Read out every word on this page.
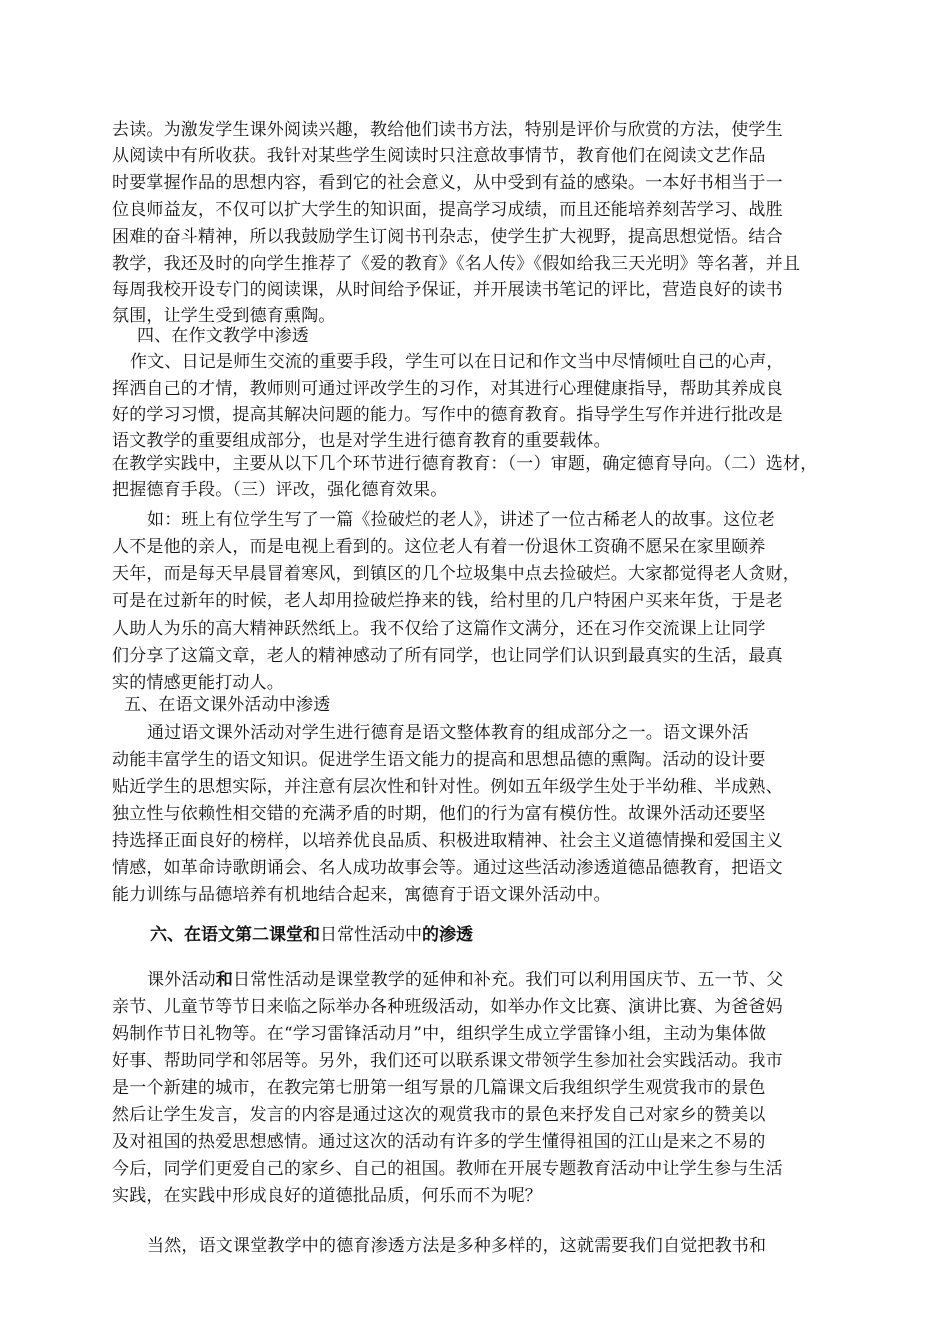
去读。为激发学生课外阅读兴趣，教给他们读书方法，特别是评价与欣赏的方法，使学生
从阅读中有所收获。我针对某些学生阅读时只注意故事情节，教育他们在阅读文艺作品
时要掌握作品的思想内容，看到它的社会意义，从中受到有益的感染。一本好书相当于一
位良师益友，不仅可以扩大学生的知识面，提高学习成绩，而且还能培养刻苦学习、战胜
困难的奋斗精神，所以我鼓励学生订阅书刊杂志，使学生扩大视野，提高思想觉悟。结合
教学，我还及时的向学生推荐了《爱的教育》《名人传》《假如给我三天光明》等名著，并且
每周我校开设专门的阅读课，从时间给予保证，并开展读书笔记的评比，营造良好的读书
氛围，让学生受到德育熏陶。
四、在作文教学中渗透
作文、日记是师生交流的重要手段，学生可以在日记和作文当中尽情倾吐自己的心声，
挥洒自己的才情，教师则可通过评改学生的习作，对其进行心理健康指导，帮助其养成良
好的学习习惯，提高其解决问题的能力。写作中的德育教育。指导学生写作并进行批改是
语文教学的重要组成部分，也是对学生进行德育教育的重要载体。
在教学实践中，主要从以下几个环节进行德育教育：（一）审题，确定德育导向。（二）选材，
把握德育手段。（三）评改，强化德育效果。
如：班上有位学生写了一篇《捡破烂的老人》，讲述了一位古稀老人的故事。这位老
人不是他的亲人，而是电视上看到的。这位老人有着一份退休工资确不愿呆在家里颐养
天年，而是每天早晨冒着寒风，到镇区的几个垃圾集中点去捡破烂。大家都觉得老人贪财，
可是在过新年的时候，老人却用捡破烂挣来的钱，给村里的几户特困户买来年货，于是老
人助人为乐的高大精神跃然纸上。我不仅给了这篇作文满分，还在习作交流课上让同学
们分享了这篇文章，老人的精神感动了所有同学，也让同学们认识到最真实的生活，最真
实的情感更能打动人。
五、在语文课外活动中渗透
通过语文课外活动对学生进行德育是语文整体教育的组成部分之一。语文课外活
动能丰富学生的语文知识。促进学生语文能力的提高和思想品德的熏陶。活动的设计要
贴近学生的思想实际，并注意有层次性和针对性。例如五年级学生处于半幼稚、半成熟、
独立性与依赖性相交错的充满矛盾的时期，他们的行为富有模仿性。故课外活动还要坚
持选择正面良好的榜样，以培养优良品质、积极进取精神、社会主义道德情操和爱国主义
情感，如革命诗歌朗诵会、名人成功故事会等。通过这些活动渗透道德品德教育，把语文
能力训练与品德培养有机地结合起来，寓德育于语文课外活动中。
六、在语文第二课堂和日常性活动中的渗透
课外活动和日常性活动是课堂教学的延伸和补充。我们可以利用国庆节、五一节、父
亲节、儿童节等节日来临之际举办各种班级活动，如举办作文比赛、演讲比赛、为爸爸妈
妈制作节日礼物等。在“学习雷锋活动月”中，组织学生成立学雷锋小组，主动为集体做
好事、帮助同学和邻居等。另外，我们还可以联系课文带领学生参加社会实践活动。我市
是一个新建的城市，在教完第七册第一组写景的几篇课文后我组织学生观赏我市的景色
然后让学生发言，发言的内容是通过这次的观赏我市的景色来抒发自己对家乡的赞美以
及对祖国的热爱思想感情。通过这次的活动有许多的学生懂得祖国的江山是来之不易的
今后，同学们更爱自己的家乡、自己的祖国。教师在开展专题教育活动中让学生参与生活
实践，在实践中形成良好的道德批品质，何乐而不为呢？
当然，语文课堂教学中的德育渗透方法是多种多样的，这就需要我们自觉把教书和
